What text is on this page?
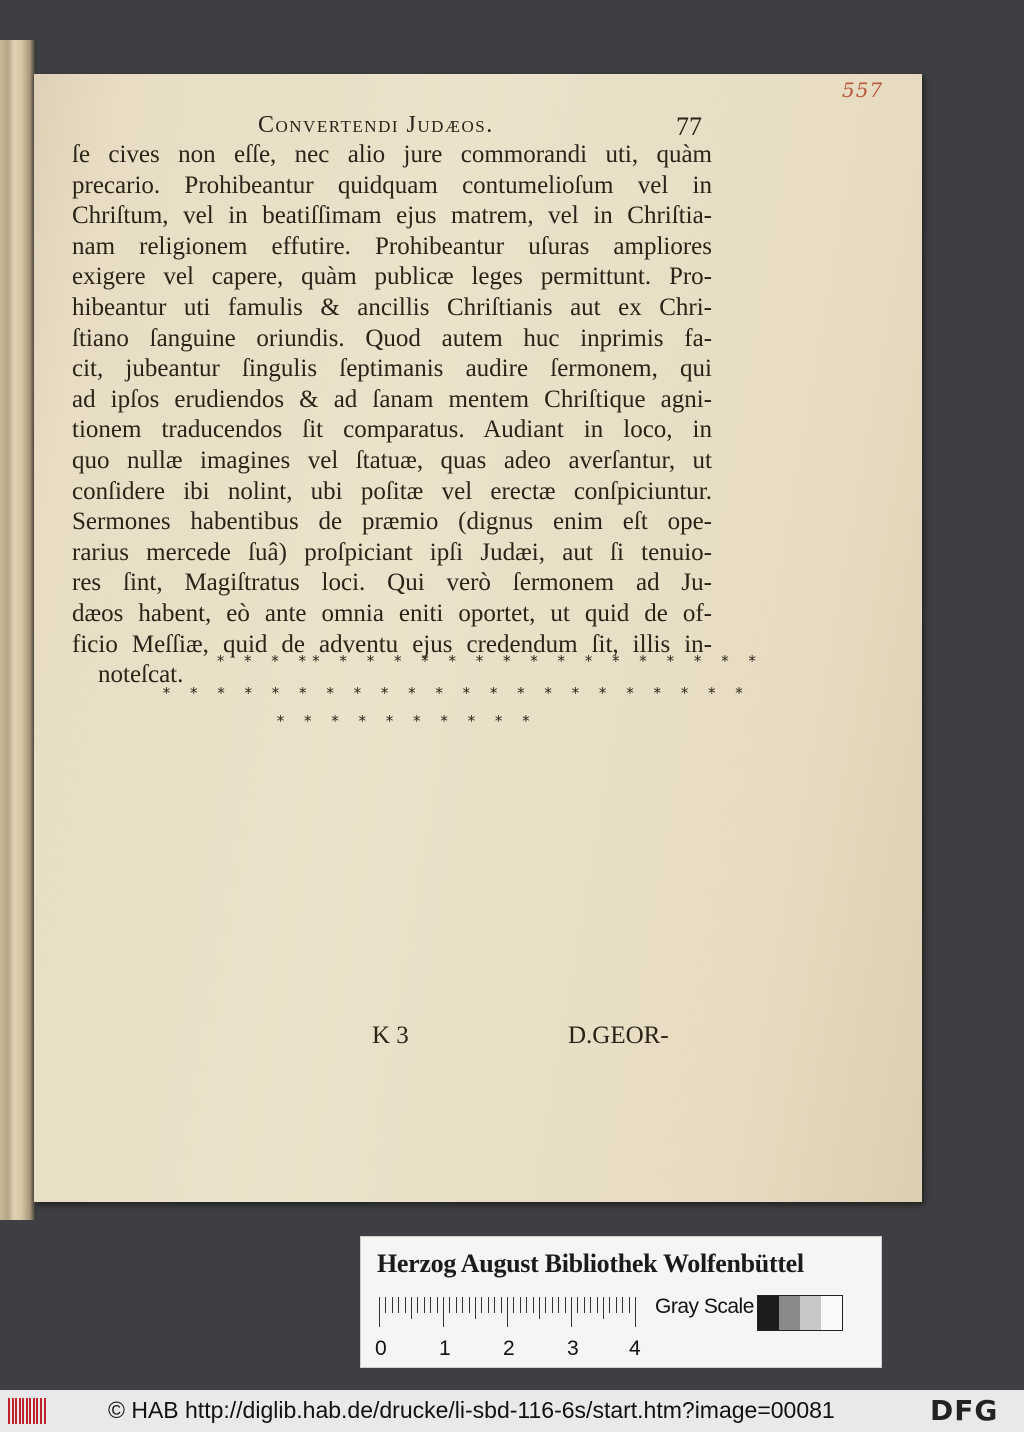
557
Convertendi Judæos.	77
ſe cives non eſſe, nec alio jure commorandi uti, quàm
precario. Prohibeantur quidquam contumelioſum vel in
Chriſtum, vel in beatiſſimam ejus matrem, vel in Chriſtia-
nam religionem effutire. Prohibeantur uſuras ampliores
exigere vel capere, quàm publicæ leges permittunt. Pro-
hibeantur uti famulis & ancillis Chriſtianis aut ex Chri-
ſtiano ſanguine oriundis. Quod autem huc inprimis fa-
cit, jubeantur ſingulis ſeptimanis audire ſermonem, qui
ad ipſos erudiendos & ad ſanam mentem Chriſtique agni-
tionem traducendos ſit comparatus. Audiant in loco, in
quo nullæ imagines vel ſtatuæ, quas adeo averſantur, ut
conſidere ibi nolint, ubi poſitæ vel erectæ conſpiciuntur.
Sermones habentibus de præmio (dignus enim eſt ope-
rarius mercede ſuâ) proſpiciant ipſi Judæi, aut ſi tenuio-
res ſint, Magiſtratus loci. Qui verò ſermonem ad Ju-
dæos habent, eò ante omnia eniti oportet, ut quid de of-
ficio Meſſiæ, quid de adventu ejus credendum ſit, illis in-
noteſcat.
* * * ** * * * * * * * * * * * * * * * *
* * * * * * * * * * * * * * * * * * * * * *
* * * * * * * * * *
K 3	D.GEOR-
Herzog August Bibliothek Wolfenbüttel
0 1 2 3 4
Gray Scale
© HAB http://diglib.hab.de/drucke/li-sbd-116-6s/start.htm?image=00081	DFG
